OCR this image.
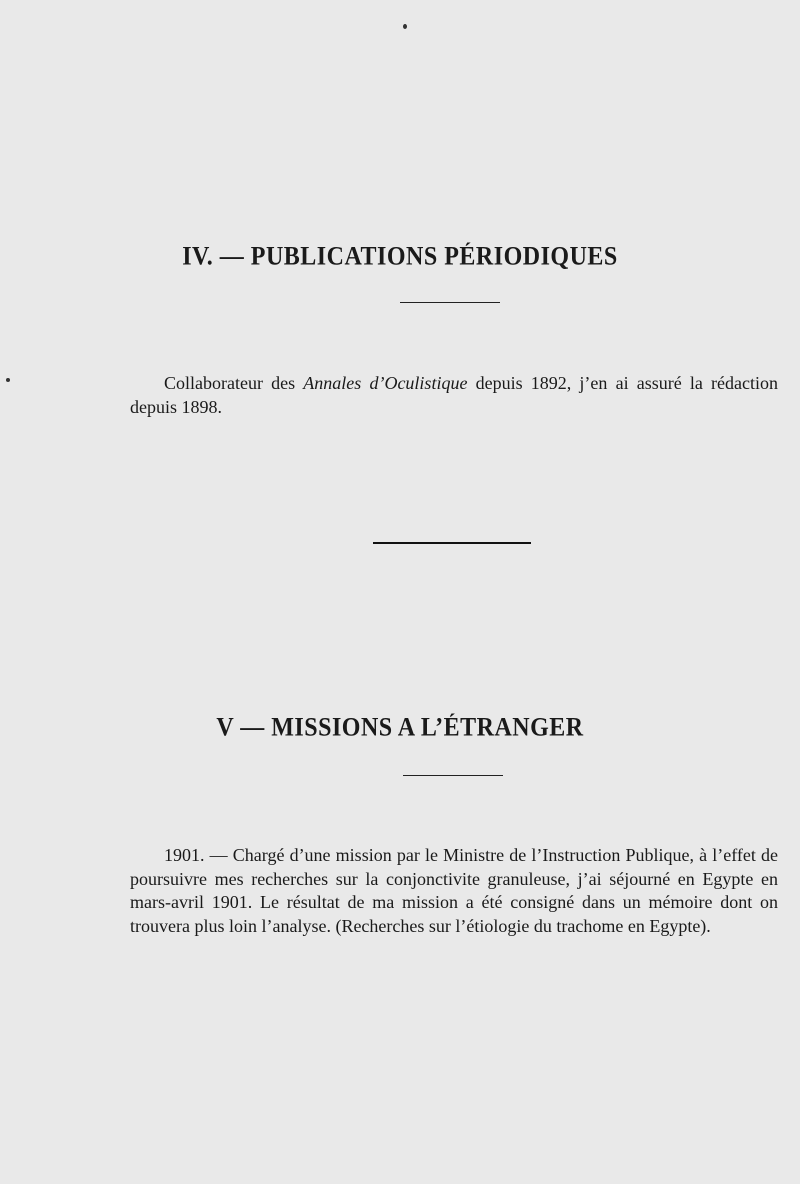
IV. — PUBLICATIONS PÉRIODIQUES
Collaborateur des Annales d’Oculistique depuis 1892, j’en ai assuré la rédaction depuis 1898.
V — MISSIONS A L’ÉTRANGER
1901. — Chargé d’une mission par le Ministre de l’Instruction Publique, à l’effet de poursuivre mes recherches sur la conjonctivite granuleuse, j’ai séjourné en Egypte en mars-avril 1901. Le résultat de ma mission a été consigné dans un mémoire dont on trouvera plus loin l’analyse. (Recherches sur l’étiologie du trachome en Egypte).
